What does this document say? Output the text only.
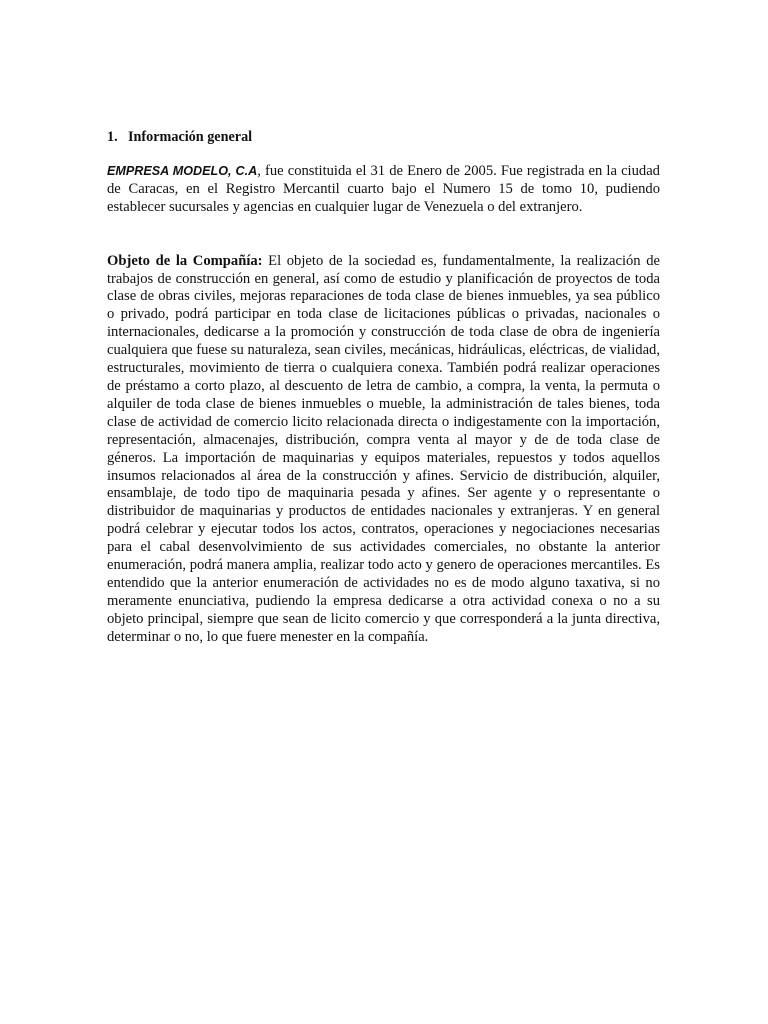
1. Información general

EMPRESA MODELO, C.A, fue constituida el 31 de Enero de 2005. Fue registrada en la ciudad de Caracas, en el Registro Mercantil cuarto bajo el Numero 15 de tomo 10, pudiendo establecer sucursales y agencias en cualquier lugar de Venezuela o del extranjero.

Objeto de la Compañía: El objeto de la sociedad es, fundamentalmente, la realización de trabajos de construcción en general, así como de estudio y planificación de proyectos de toda clase de obras civiles, mejoras reparaciones de toda clase de bienes inmuebles, ya sea público o privado, podrá participar en toda clase de licitaciones públicas o privadas, nacionales o internacionales, dedicarse a la promoción y construcción de toda clase de obra de ingeniería cualquiera que fuese su naturaleza, sean civiles, mecánicas, hidráulicas, eléctricas, de vialidad, estructurales, movimiento de tierra o cualquiera conexa. También podrá realizar operaciones de préstamo a corto plazo, al descuento de letra de cambio, a compra, la venta, la permuta o alquiler de toda clase de bienes inmuebles o mueble, la administración de tales bienes, toda clase de actividad de comercio licito relacionada directa o indigestamente con la importación, representación, almacenajes, distribución, compra venta al mayor y de de toda clase de géneros. La importación de maquinarias y equipos materiales, repuestos y todos aquellos insumos relacionados al área de la construcción y afines. Servicio de distribución, alquiler, ensamblaje, de todo tipo de maquinaria pesada y afines. Ser agente y o representante o distribuidor de maquinarias y productos de entidades nacionales y extranjeras. Y en general podrá celebrar y ejecutar todos los actos, contratos, operaciones y negociaciones necesarias para el cabal desenvolvimiento de sus actividades comerciales, no obstante la anterior enumeración, podrá manera amplia, realizar todo acto y genero de operaciones mercantiles. Es entendido que la anterior enumeración de actividades no es de modo alguno taxativa, si no meramente enunciativa, pudiendo la empresa dedicarse a otra actividad conexa o no a su objeto principal, siempre que sean de licito comercio y que corresponderá a la junta directiva, determinar o no, lo que fuere menester en la compañía.
